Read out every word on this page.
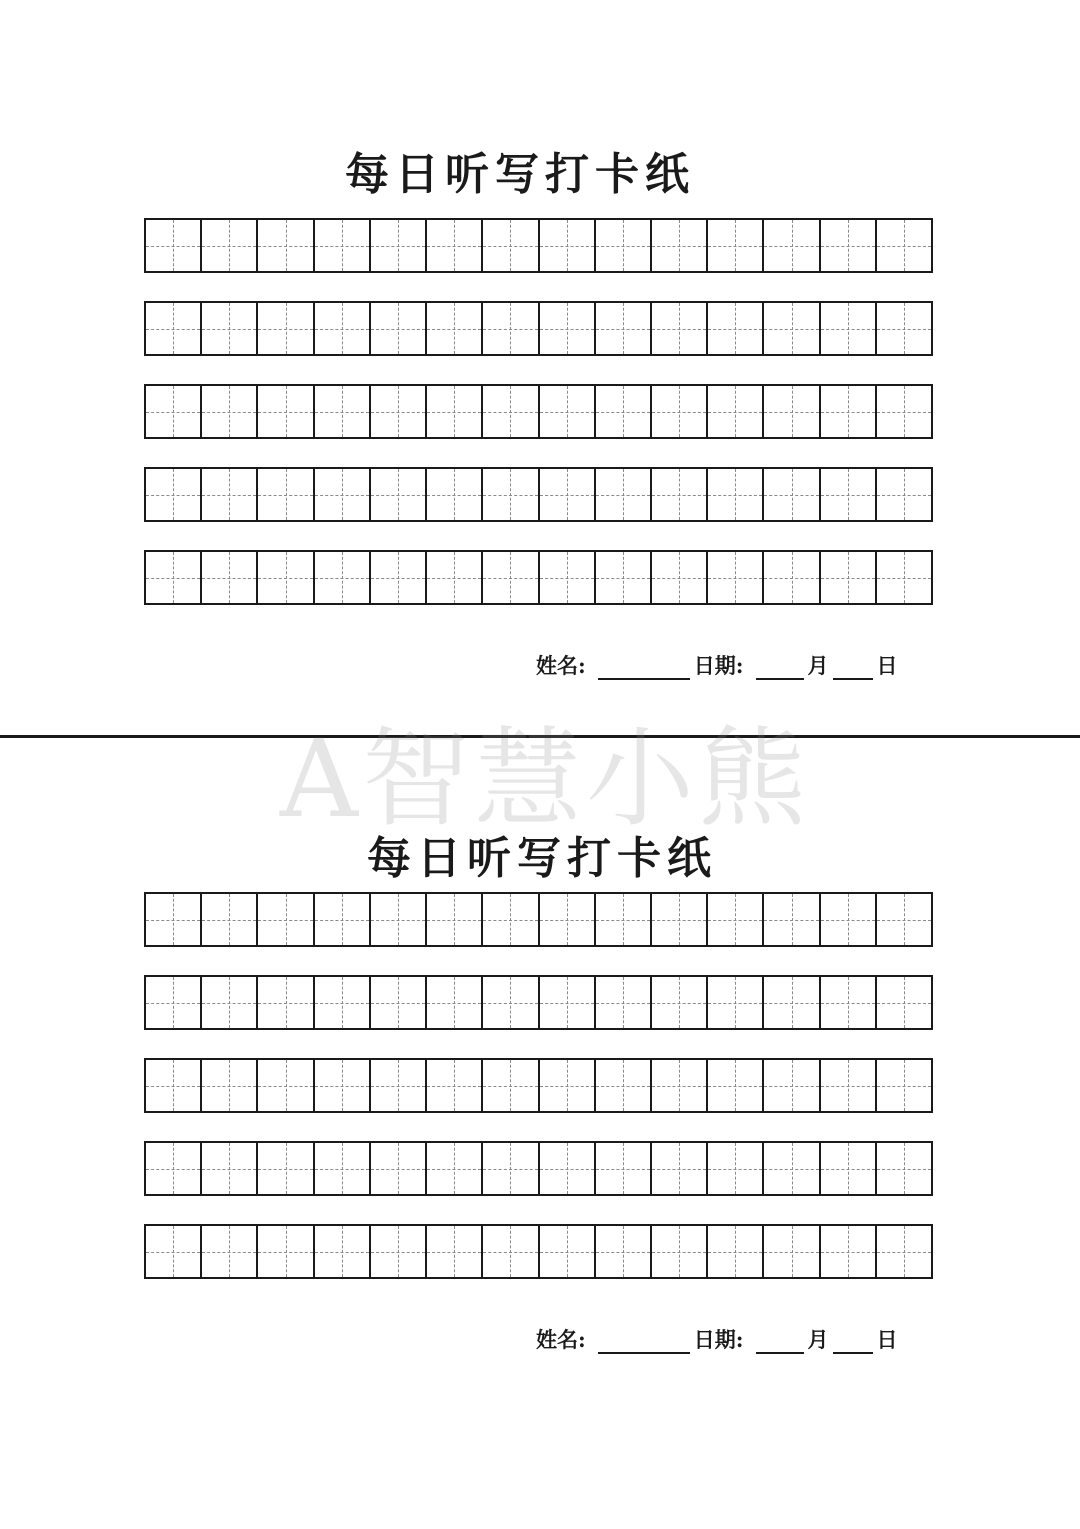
每日听写打卡纸
姓名:	日期:	月 日
每日听写打卡纸
姓名:	日期:	月 日
A智慧小熊
